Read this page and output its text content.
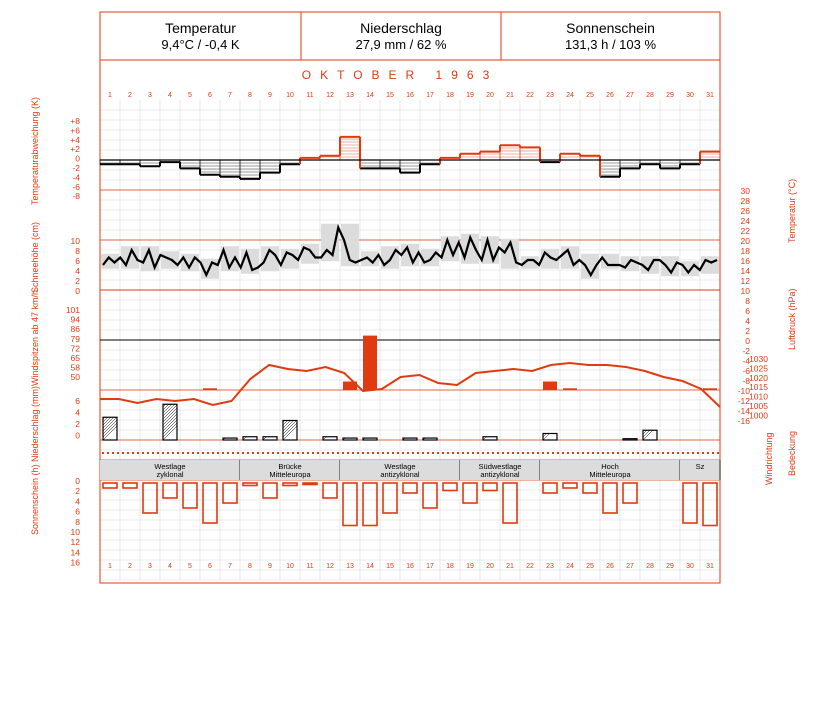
Temperatur
9,4°C / -0,4 K
Niederschlag
27,9 mm / 62 %
Sonnenschein
131,3 h / 103 %
OKTOBER 1963
1
1
2
2
3
3
4
4
5
5
6
6
7
7
8
8
9
9
10
10
11
11
12
12
13
13
14
14
15
15
16
16
17
17
18
18
19
19
20
20
21
21
22
22
23
23
24
24
25
25
26
26
27
27
28
28
29
29
30
30
31
31
Westlage zyklonal
Brücke Mitteleuropa
Westlage antizyklonal
Südwestlage antizyklonal
Hoch Mitteleuropa
Sz
+8
+6
+4
+2
0
-2
-4
-6
-8
30
28
26
24
22
20
18
16
14
12
10
8
6
4
2
0
-2
-4
-6
-8
-10
-12
-14
-16
10
8
6
4
2
0
101
94
86
79
72
65
58
50
1030
1025
1020
1015
1010
1005
1000
6
4
2
0
0
2
4
6
8
10
12
14
16
Temperaturabweichung (K)
Schneehöhe (cm)
Windspitzen ab 47 km/h
Niederschlag (mm)
Sonnenschein (h)
Temperatur (°C)
Luftdruck (hPa)
Windrichtung Bedeckung
